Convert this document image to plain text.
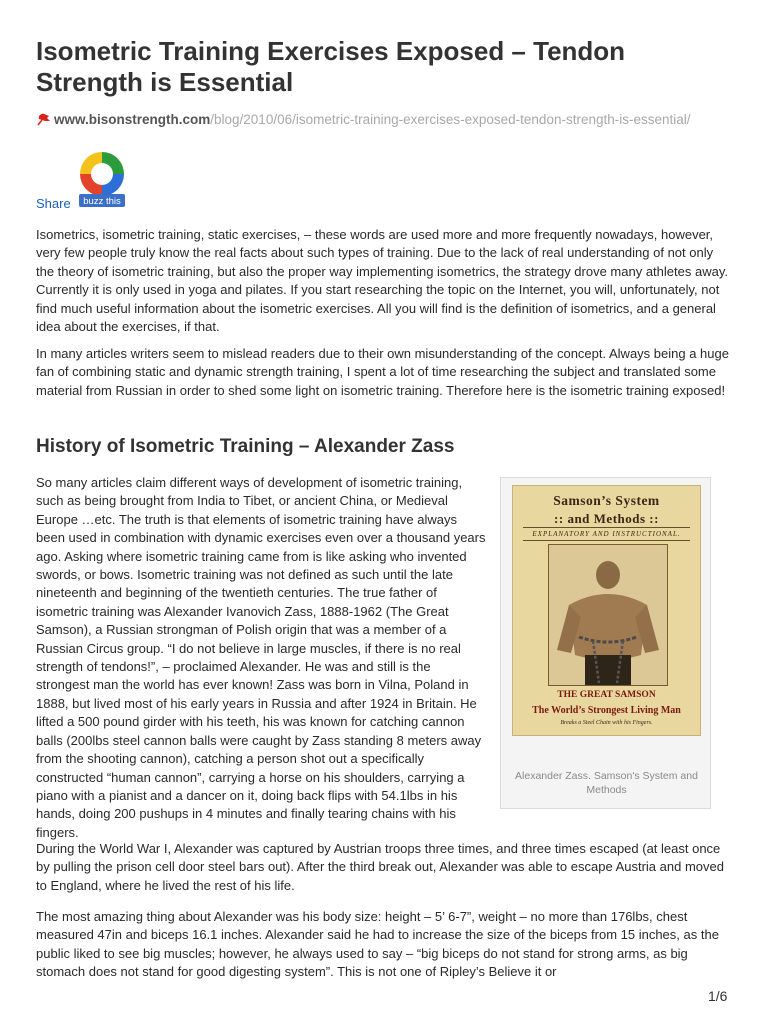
Isometric Training Exercises Exposed – Tendon Strength is Essential
www.bisonstrength.com/blog/2010/06/isometric-training-exercises-exposed-tendon-strength-is-essential/
Share buzz this

Isometrics, isometric training, static exercises, – these words are used more and more frequently nowadays, however, very few people truly know the real facts about such types of training. Due to the lack of real understanding of not only the theory of isometric training, but also the proper way implementing isometrics, the strategy drove many athletes away. Currently it is only used in yoga and pilates. If you start researching the topic on the Internet, you will, unfortunately, not find much useful information about the isometric exercises. All you will find is the definition of isometrics, and a general idea about the exercises, if that.

In many articles writers seem to mislead readers due to their own misunderstanding of the concept. Always being a huge fan of combining static and dynamic strength training, I spent a lot of time researching the subject and translated some material from Russian in order to shed some light on isometric training. Therefore here is the isometric training exposed!

History of Isometric Training – Alexander Zass

So many articles claim different ways of development of isometric training, such as being brought from India to Tibet, or ancient China, or Medieval Europe …etc. The truth is that elements of isometric training have always been used in combination with dynamic exercises even over a thousand years ago. Asking where isometric training came from is like asking who invented swords, or bows. Isometric training was not defined as such until the late nineteenth and beginning of the twentieth centuries. The true father of isometric training was Alexander Ivanovich Zass, 1888-1962 (The Great Samson), a Russian strongman of Polish origin that was a member of a Russian Circus group. “I do not believe in large muscles, if there is no real strength of tendons!”, – proclaimed Alexander. He was and still is the strongest man the world has ever known! Zass was born in Vilna, Poland in 1888, but lived most of his early years in Russia and after 1924 in Britain. He lifted a 500 pound girder with his teeth, his was known for catching cannon balls (200lbs steel cannon balls were caught by Zass standing 8 meters away from the shooting cannon), catching a person shot out a specifically constructed “human cannon”, carrying a horse on his shoulders, carrying a piano with a pianist and a dancer on it, doing back flips with 54.1lbs in his hands, doing 200 pushups in 4 minutes and finally tearing chains with his fingers.

Samson’s System
:: and Methods ::
EXPLANATORY AND INSTRUCTIONAL.
THE GREAT SAMSON
The World’s Strongest Living Man
Breaks a Steel Chain with his Fingers.
Alexander Zass. Samson's System and Methods

During the World War I, Alexander was captured by Austrian troops three times, and three times escaped (at least once by pulling the prison cell door steel bars out). After the third break out, Alexander was able to escape Austria and moved to England, where he lived the rest of his life.

The most amazing thing about Alexander was his body size: height – 5’ 6-7”, weight – no more than 176lbs, chest measured 47in and biceps 16.1 inches. Alexander said he had to increase the size of the biceps from 15 inches, as the public liked to see big muscles; however, he always used to say – “big biceps do not stand for strong arms, as big stomach does not stand for good digesting system”. This is not one of Ripley’s Believe it or

1/6
